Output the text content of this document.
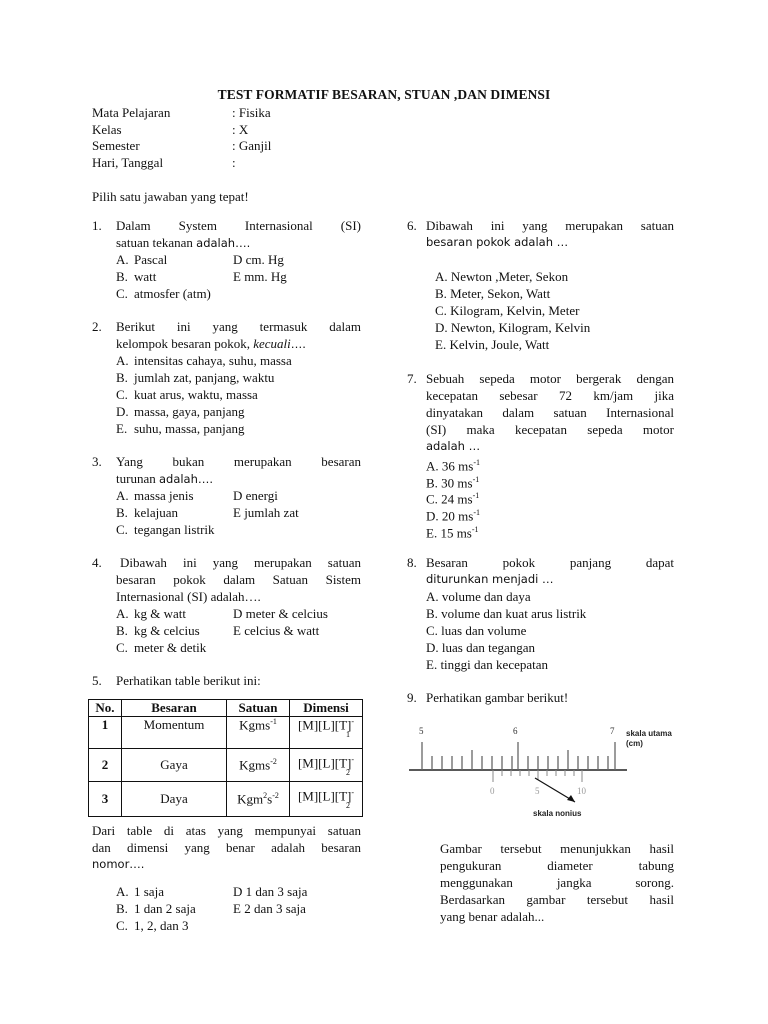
TEST FORMATIF BESARAN, STUAN ,DAN DIMENSI
Mata Pelajaran	: Fisika
Kelas	: X
Semester	: Ganjil
Hari, Tanggal	:
Pilih satu jawaban yang tepat!
1. Dalam System Internasional (SI)
satuan tekanan adalah….
A. Pascal	D cm. Hg
B. watt	E mm. Hg
C. atmosfer (atm)
2. Berikut ini yang termasuk dalam
kelompok besaran pokok, kecuali….
A. intensitas cahaya, suhu, massa
B. jumlah zat, panjang, waktu
C. kuat arus, waktu, massa
D. massa, gaya, panjang
E. suhu, massa, panjang
3. Yang bukan merupakan besaran
turunan adalah….
A. massa jenis	D energi
B. kelajuan	E jumlah zat
C. tegangan listrik
4. Dibawah ini yang merupakan satuan
besaran pokok dalam Satuan Sistem
Internasional (SI) adalah….
A. kg & watt	D meter & celcius
B. kg & celcius	E celcius & watt
C. meter & detik
5. Perhatikan table berikut ini:
No.	Besaran	Satuan	Dimensi
1	Momentum	Kgms$^{-1}$	[M][L][T]-
1

2	Gaya	Kgms$^{-2}$	[M][L][T]-
2

3	Daya	$Kgm^2s^{-2}$	[M][L][T]-
2
Dari table di atas yang mempunyai satuan
dan dimensi yang benar adalah besaran
nomor….
A. 1 saja	D 1 dan 3 saja
B. 1 dan 2 saja	E 2 dan 3 saja
C. 1, 2, dan 3
6. Dibawah ini yang merupakan satuan
besaran pokok adalah …
A. Newton ,Meter, Sekon
B. Meter, Sekon, Watt
C. Kilogram, Kelvin, Meter
D. Newton, Kilogram, Kelvin
E. Kelvin, Joule, Watt
7. Sebuah sepeda motor bergerak dengan
kecepatan sebesar 72 km/jam jika
dinyatakan dalam satuan Internasional
(SI) maka kecepatan sepeda motor
adalah …
A. 36 $ms^{-1}$
B. 30 $ms^{-1}$
C. 24 $ms^{-1}$
D. 20 $ms^{-1}$
E. 15 $ms^{-1}$
8. Besaran pokok panjang dapat
diturunkan menjadi …
A. volume dan daya
B. volume dan kuat arus listrik
C. luas dan volume
D. luas dan tegangan
E. tinggi dan kecepatan
9. Perhatikan gambar berikut!
5	6	7
0	5	10
skala utama
(cm)
skala nonius
Gambar tersebut menunjukkan hasil
pengukuran diameter tabung
menggunakan jangka sorong.
Berdasarkan gambar tersebut hasil
yang benar adalah...
